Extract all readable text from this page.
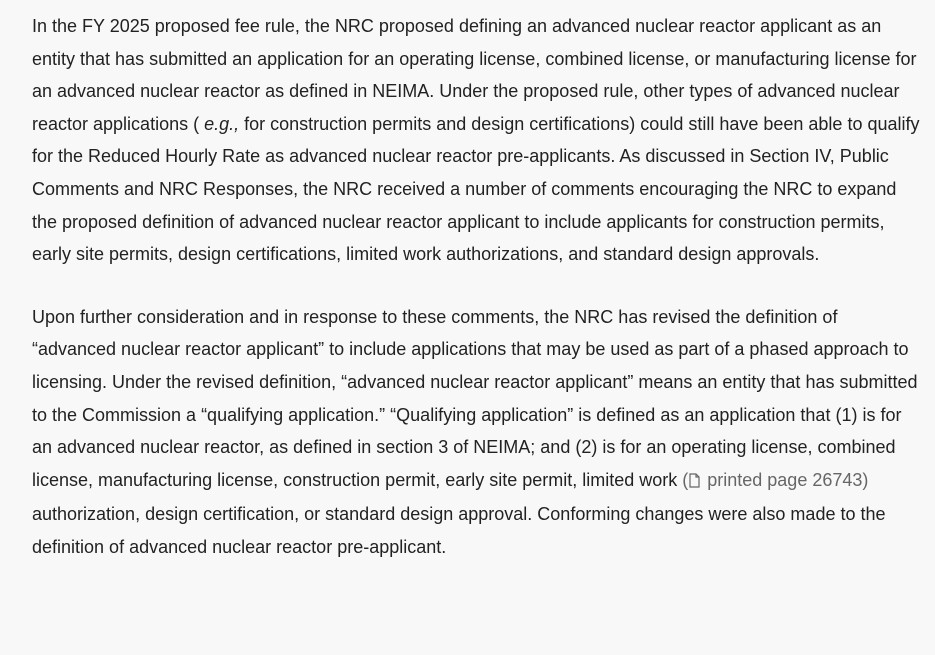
In the FY 2025 proposed fee rule, the NRC proposed defining an advanced nuclear reactor applicant as an entity that has submitted an application for an operating license, combined license, or manufacturing license for an advanced nuclear reactor as defined in NEIMA. Under the proposed rule, other types of advanced nuclear reactor applications ( e.g., for construction permits and design certifications) could still have been able to qualify for the Reduced Hourly Rate as advanced nuclear reactor pre-applicants. As discussed in Section IV, Public Comments and NRC Responses, the NRC received a number of comments encouraging the NRC to expand the proposed definition of advanced nuclear reactor applicant to include applicants for construction permits, early site permits, design certifications, limited work authorizations, and standard design approvals.

Upon further consideration and in response to these comments, the NRC has revised the definition of “advanced nuclear reactor applicant” to include applications that may be used as part of a phased approach to licensing. Under the revised definition, “advanced nuclear reactor applicant” means an entity that has submitted to the Commission a “qualifying application.” “Qualifying application” is defined as an application that (1) is for an advanced nuclear reactor, as defined in section 3 of NEIMA; and (2) is for an operating license, combined license, manufacturing license, construction permit, early site permit, limited work ( printed page 26743) authorization, design certification, or standard design approval. Conforming changes were also made to the definition of advanced nuclear reactor pre-applicant.
